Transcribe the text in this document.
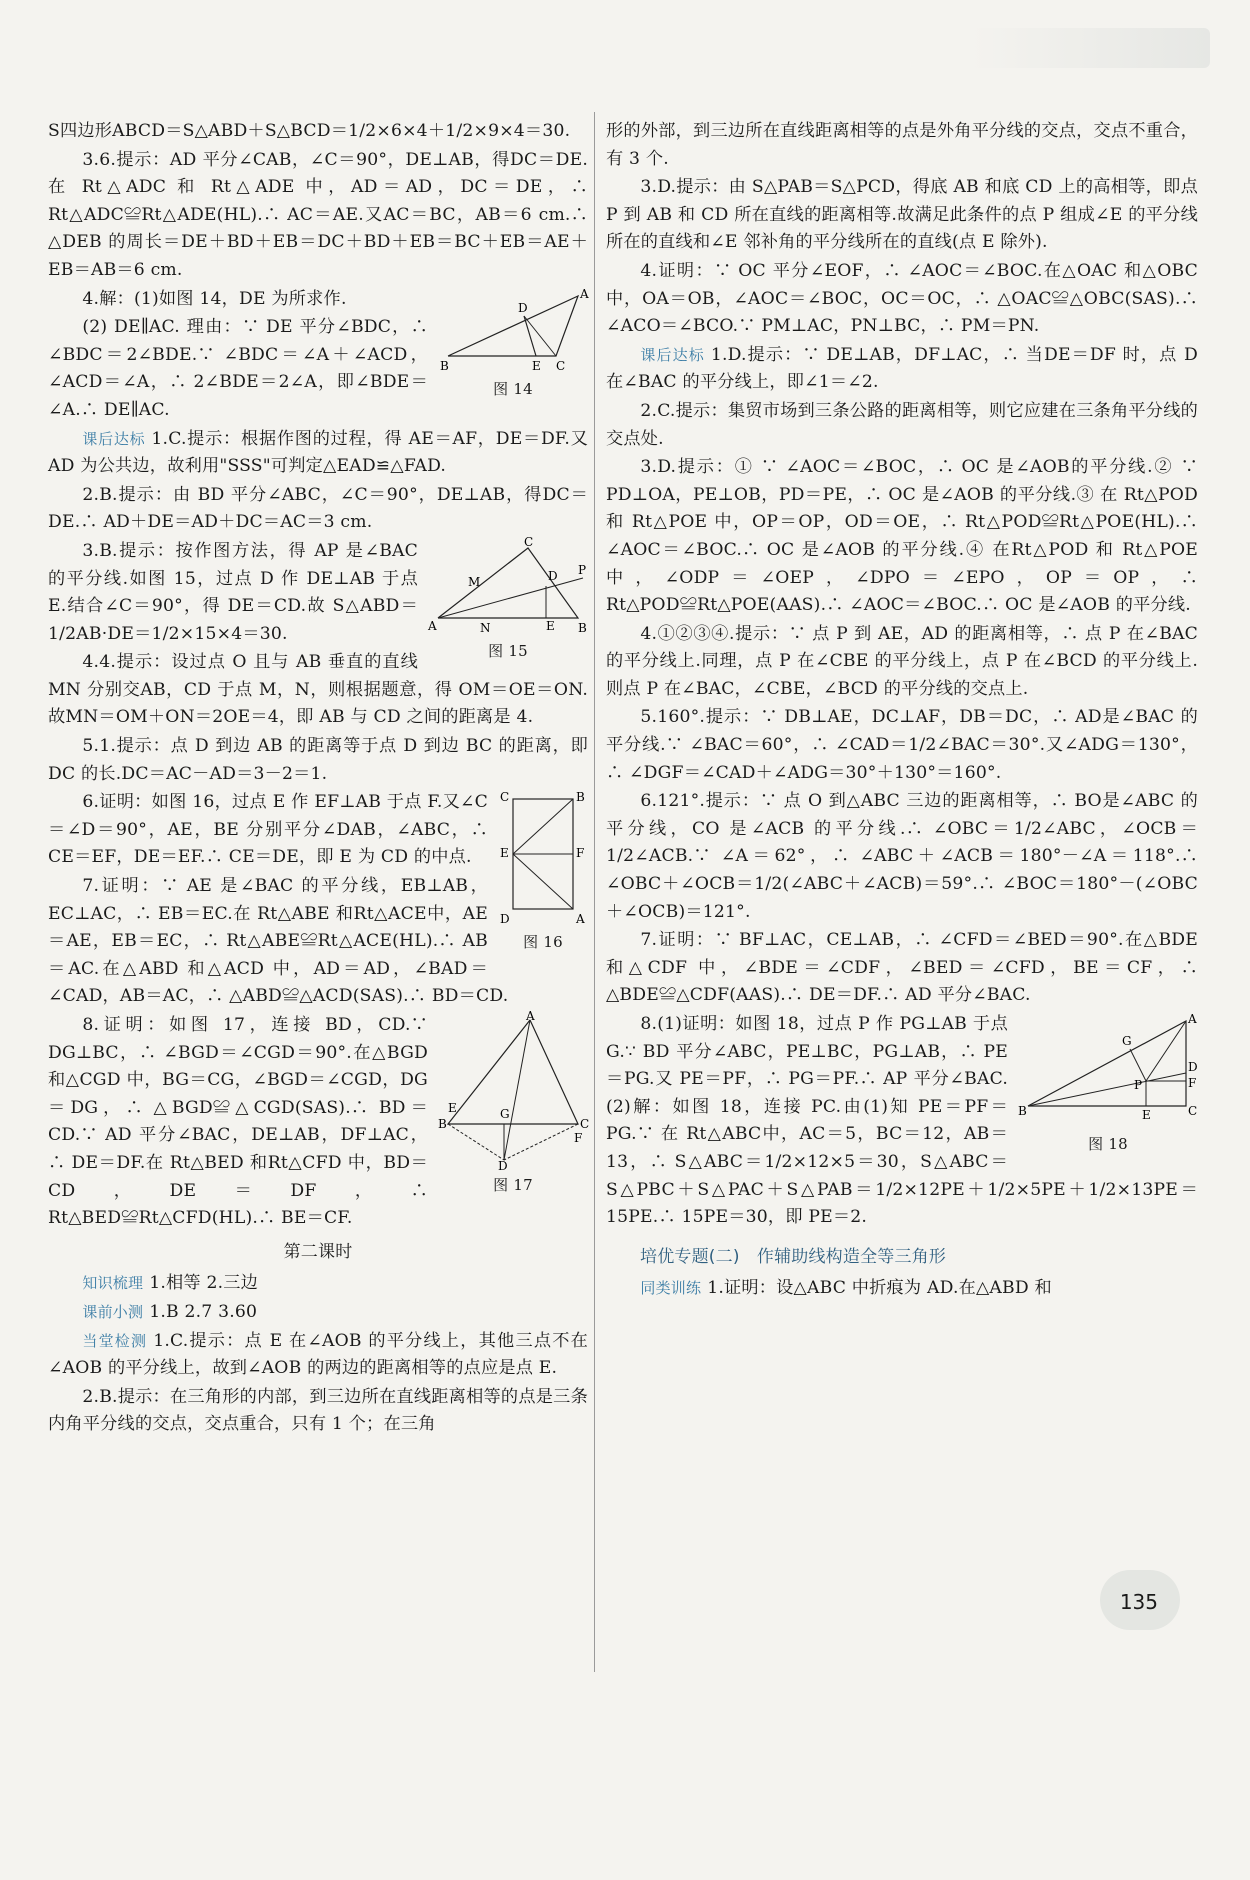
S四边形ABCD＝S△ABD＋S△BCD＝1/2×6×4＋1/2×9×4＝30.

3.6.提示：AD 平分∠CAB，∠C＝90°，DE⊥AB，得DC＝DE.在 Rt△ADC 和 Rt△ADE 中，AD＝AD，DC＝DE，∴ Rt△ADC≌Rt△ADE(HL).∴ AC＝AE.又AC＝BC，AB＝6 cm.∴ △DEB 的周长＝DE＋BD＋EB＝DC＋BD＋EB＝BC＋EB＝AE＋EB＝AB＝6 cm.

B
A
C
D
E
图 14

4.解：(1)如图 14，DE 为所求作.

(2) DE∥AC. 理由：∵ DE 平分∠BDC，∴ ∠BDC＝2∠BDE.∵ ∠BDC＝∠A＋∠ACD，∠ACD＝∠A，∴ 2∠BDE＝2∠A，即∠BDE＝∠A.∴ DE∥AC.

课后达标 1.C.提示：根据作图的过程，得 AE＝AF，DE＝DF.又 AD 为公共边，故利用"SSS"可判定△EAD≌△FAD.

2.B.提示：由 BD 平分∠ABC，∠C＝90°，DE⊥AB，得DC＝DE.∴ AD＋DE＝AD＋DC＝AC＝3 cm.

A
C
B
E
D
M
N
P
图 15

3.B.提示：按作图方法，得 AP 是∠BAC 的平分线.如图 15，过点 D 作 DE⊥AB 于点 E.结合∠C＝90°，得 DE＝CD.故 S△ABD＝1/2AB·DE＝1/2×15×4＝30.

4.4.提示：设过点 O 且与 AB 垂直的直线 MN 分别交AB，CD 于点 M，N，则根据题意，得 OM＝OE＝ON.故MN＝OM＋ON＝2OE＝4，即 AB 与 CD 之间的距离是 4.

5.1.提示：点 D 到边 AB 的距离等于点 D 到边 BC 的距离，即 DC 的长.DC＝AC－AD＝3－2＝1.

C	B
D	A
E	F
图 16

6.证明：如图 16，过点 E 作 EF⊥AB 于点 F.又∠C＝∠D＝90°，AE，BE 分别平分∠DAB，∠ABC，∴ CE＝EF，DE＝EF.∴ CE＝DE，即 E 为 CD 的中点.

7.证明：∵ AE 是∠BAC 的平分线，EB⊥AB，EC⊥AC，∴ EB＝EC.在 Rt△ABE 和Rt△ACE中，AE＝AE，EB＝EC，∴ Rt△ABE≌Rt△ACE(HL).∴ AB＝AC.在△ABD 和△ACD 中，AD＝AD，∠BAD＝∠CAD，AB＝AC，∴ △ABD≌△ACD(SAS).∴ BD＝CD.

A
B	C
D
E
F
G
图 17

8.证明：如图 17，连接 BD，CD.∵ DG⊥BC，∴ ∠BGD＝∠CGD＝90°.在△BGD 和△CGD 中，BG＝CG，∠BGD＝∠CGD，DG＝DG，∴ △BGD≌△CGD(SAS).∴ BD＝CD.∵ AD 平分∠BAC，DE⊥AB，DF⊥AC，∴ DE＝DF.在 Rt△BED 和Rt△CFD 中，BD＝CD，DE＝DF，∴ Rt△BED≌Rt△CFD(HL).∴ BE＝CF.

第二课时

知识梳理 1.相等 2.三边

课前小测 1.B 2.7 3.60

当堂检测 1.C.提示：点 E 在∠AOB 的平分线上，其他三点不在∠AOB 的平分线上，故到∠AOB 的两边的距离相等的点应是点 E.

2.B.提示：在三角形的内部，到三边所在直线距离相等的点是三条内角平分线的交点，交点重合，只有 1 个；在三角

形的外部，到三边所在直线距离相等的点是外角平分线的交点，交点不重合，有 3 个.

3.D.提示：由 S△PAB＝S△PCD，得底 AB 和底 CD 上的高相等，即点 P 到 AB 和 CD 所在直线的距离相等.故满足此条件的点 P 组成∠E 的平分线所在的直线和∠E 邻补角的平分线所在的直线(点 E 除外).

4.证明：∵ OC 平分∠EOF，∴ ∠AOC＝∠BOC.在△OAC 和△OBC 中，OA＝OB，∠AOC＝∠BOC，OC＝OC，∴ △OAC≌△OBC(SAS).∴ ∠ACO＝∠BCO.∵ PM⊥AC，PN⊥BC，∴ PM＝PN.

课后达标 1.D.提示：∵ DE⊥AB，DF⊥AC，∴ 当DE＝DF 时，点 D 在∠BAC 的平分线上，即∠1＝∠2.

2.C.提示：集贸市场到三条公路的距离相等，则它应建在三条角平分线的交点处.

3.D.提示：① ∵ ∠AOC＝∠BOC，∴ OC 是∠AOB的平分线.② ∵ PD⊥OA，PE⊥OB，PD＝PE，∴ OC 是∠AOB 的平分线.③ 在 Rt△POD 和 Rt△POE 中，OP＝OP，OD＝OE，∴ Rt△POD≌Rt△POE(HL).∴ ∠AOC＝∠BOC.∴ OC 是∠AOB 的平分线.④ 在Rt△POD 和 Rt△POE 中，∠ODP＝∠OEP，∠DPO＝∠EPO，OP＝OP，∴ Rt△POD≌Rt△POE(AAS).∴ ∠AOC＝∠BOC.∴ OC 是∠AOB 的平分线.

4.①②③④.提示：∵ 点 P 到 AE，AD 的距离相等，∴ 点 P 在∠BAC 的平分线上.同理，点 P 在∠CBE 的平分线上，点 P 在∠BCD 的平分线上.则点 P 在∠BAC，∠CBE，∠BCD 的平分线的交点上.

5.160°.提示：∵ DB⊥AE，DC⊥AF，DB＝DC，∴ AD是∠BAC 的平分线.∵ ∠BAC＝60°，∴ ∠CAD＝1/2∠BAC＝30°.又∠ADG＝130°，∴ ∠DGF＝∠CAD＋∠ADG＝30°＋130°＝160°.

6.121°.提示：∵ 点 O 到△ABC 三边的距离相等，∴ BO是∠ABC 的平分线，CO 是∠ACB 的平分线.∴ ∠OBC＝1/2∠ABC，∠OCB＝1/2∠ACB.∵ ∠A＝62°，∴ ∠ABC＋∠ACB＝180°－∠A＝118°.∴ ∠OBC＋∠OCB＝1/2(∠ABC＋∠ACB)＝59°.∴ ∠BOC＝180°－(∠OBC＋∠OCB)＝121°.

7.证明：∵ BF⊥AC，CE⊥AB，∴ ∠CFD＝∠BED＝90°.在△BDE 和△CDF 中，∠BDE＝∠CDF，∠BED＝∠CFD，BE＝CF，∴ △BDE≌△CDF(AAS).∴ DE＝DF.∴ AD 平分∠BAC.

B
A
C
D
F
E
G
P
图 18

8.(1)证明：如图 18，过点 P 作 PG⊥AB 于点 G.∵ BD 平分∠ABC，PE⊥BC，PG⊥AB，∴ PE＝PG.又 PE＝PF，∴ PG＝PF.∴ AP 平分∠BAC. (2)解：如图 18，连接 PC.由(1)知 PE＝PF＝PG.∵ 在 Rt△ABC中，AC＝5，BC＝12，AB＝13，∴ S△ABC＝1/2×12×5＝30，S△ABC＝S△PBC＋S△PAC＋S△PAB＝1/2×12PE＋1/2×5PE＋1/2×13PE＝15PE.∴ 15PE＝30，即 PE＝2.

培优专题(二)　作辅助线构造全等三角形

同类训练 1.证明：设△ABC 中折痕为 AD.在△ABD 和

135
